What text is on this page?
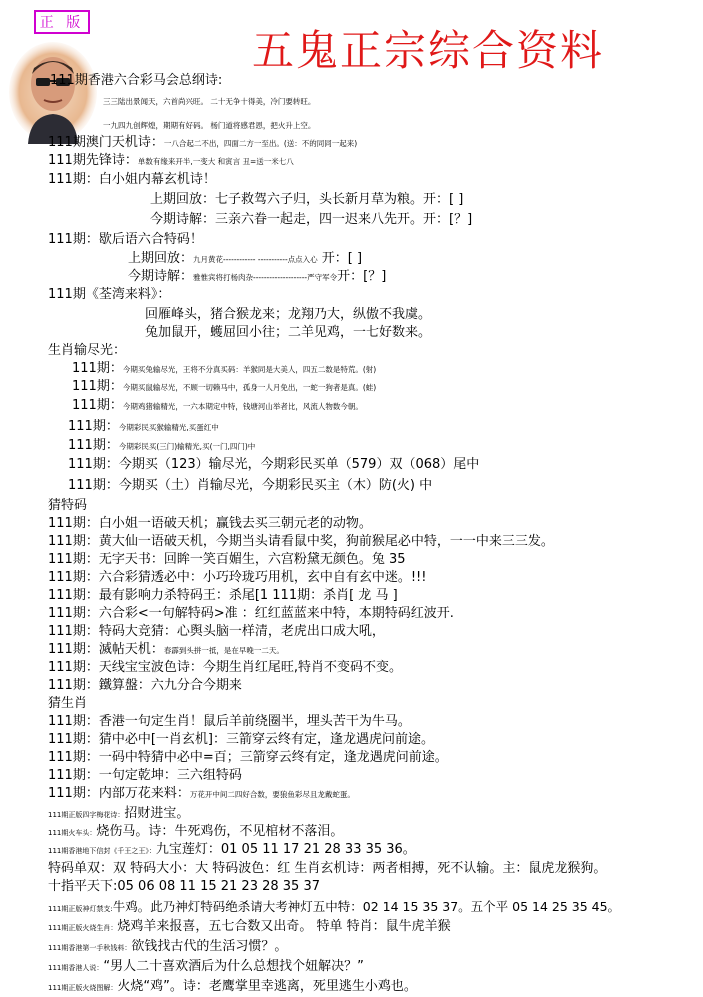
正 版
五鬼正宗综合资料
111期香港六合彩马会总纲诗:
三三陆出景闻天，六首尚兴旺。 二十无争十得美，冷门要转旺。
一九四九创辉煌，期期有好码。 杨门道将感君恩，把火升上空。
111期澳门天机诗：一八合起二不出，四面二方一至出。(送：不的同同一起来)
111期先锋诗：单数有缘来开半,一变大 和寅言 丑=送一米七八
111期：白小姐内幕玄机诗！
上期回放：七子救驾六子归，头长新月草为粮。开：[ ]
今期诗解：三亲六眷一起走，四一迟来八先开。开：[？]
111期：歇后语六合特码！
上期回放：九月黄花------------ -----------点点入心 开：[ ]
今期诗解：雅惟宾将打杨肉杂--------------------严守军令开：[？]
111期《荃湾来料》：
回雁峰头，猪合猴龙来；龙翔乃大，纵傲不我虞。
兔加鼠开，蠖屈回小往；二羊见鸡，一七好数来。
生肖输尽光：
111期：今期买兔输尽光，王将不分真买码：羊猴同是大美人，四五二数是特荒。(射)
111期：今期买鼠输尽光，不顾一切赖马中，孤身一人月免出，一蛇一狗者是真。(蛙)
111期：今期鸡猪输精光，一六本期定中特，钱塘河山举者比，风流人物数今朝。
111期：今期彩民买猴输精光,买蛋红中
111期：今期彩民买(三门)输精光,买(一门,四门)中
111期：今期买（123）输尽光，今期彩民买单（579）双（068）尾中
111期：今期买（土）肖输尽光，今期彩民买主（木）防(火) 中
猜特码
111期：白小姐一语破天机；赢钱去买三朝元老的动物。
111期：黄大仙一语破天机，今期当头请看鼠中奖，狗前猴尾必中特，一一中来三三发。
111期：无字天书：回眸一笑百媚生，六宫粉黛无颜色。兔 35
111期：六合彩猜透必中：小巧玲珑巧用机，玄中自有玄中迷。!!!
111期：最有影响力杀特码王：杀尾[1 111期：杀肖[ 龙 马 ]
111期：六合彩<一句解特码>准 ：红红蓝蓝来中特，本期特码红波开.
111期：特码大竞猜：心舆头脑一样清，老虎出口成大吼，
111期：滅帖天机：春霹到头拼一抵，是在早晚一二天。
111期：天线宝宝波色诗：今期生肖红尾旺,特肖不变码不变。
111期：鐵算盤：六九分合今期来
猜生肖
111期：香港一句定生肖！鼠后羊前绕圈半，埋头苦干为牛马。
111期：猜中必中[一肖玄机]：三箭穿云终有定，逢龙遇虎问前途。
111期：一码中特猜中必中=百；三箭穿云终有定，逢龙遇虎问前途。
111期：一句定乾坤：三六组特码
111期：内部万花来料：万花开中间二四好合数，要狼鱼彩尽且龙戴蛇蛋。
111期正版四字梅花诗：招财进宝。
111期火车头：烧伤马。诗：牛死鸡伤，不见棺材不落泪。
111期香港地下信封《千王之王》：九宝莲灯：01 05 11 17 21 28 33 35 36。
特码单双：双 特码大小：大 特码波色：红 生肖玄机诗：两者相搏，死不认输。主：鼠虎龙猴狗。
十指平天下:05 06 08 11 15 21 23 28 35 37
111期正版神灯禁支:牛鸡。此乃神灯特码绝杀请大考神灯五中特：02 14 15 35 37。五个平 05 14 25 35 45。
111期正版火烧生肖：烧鸡羊来报喜，五七合数又出奇。 特单 特肖：鼠牛虎羊猴
111期香港第一手秋钱料：欲钱找古代的生活习惯？。
111期香港人说：“男人二十喜欢酒后为什么总想找个妞解决？”
111期正版火烧图解：火烧“鸡”。诗：老鹰掌里幸逃离，死里逃生小鸡也。
